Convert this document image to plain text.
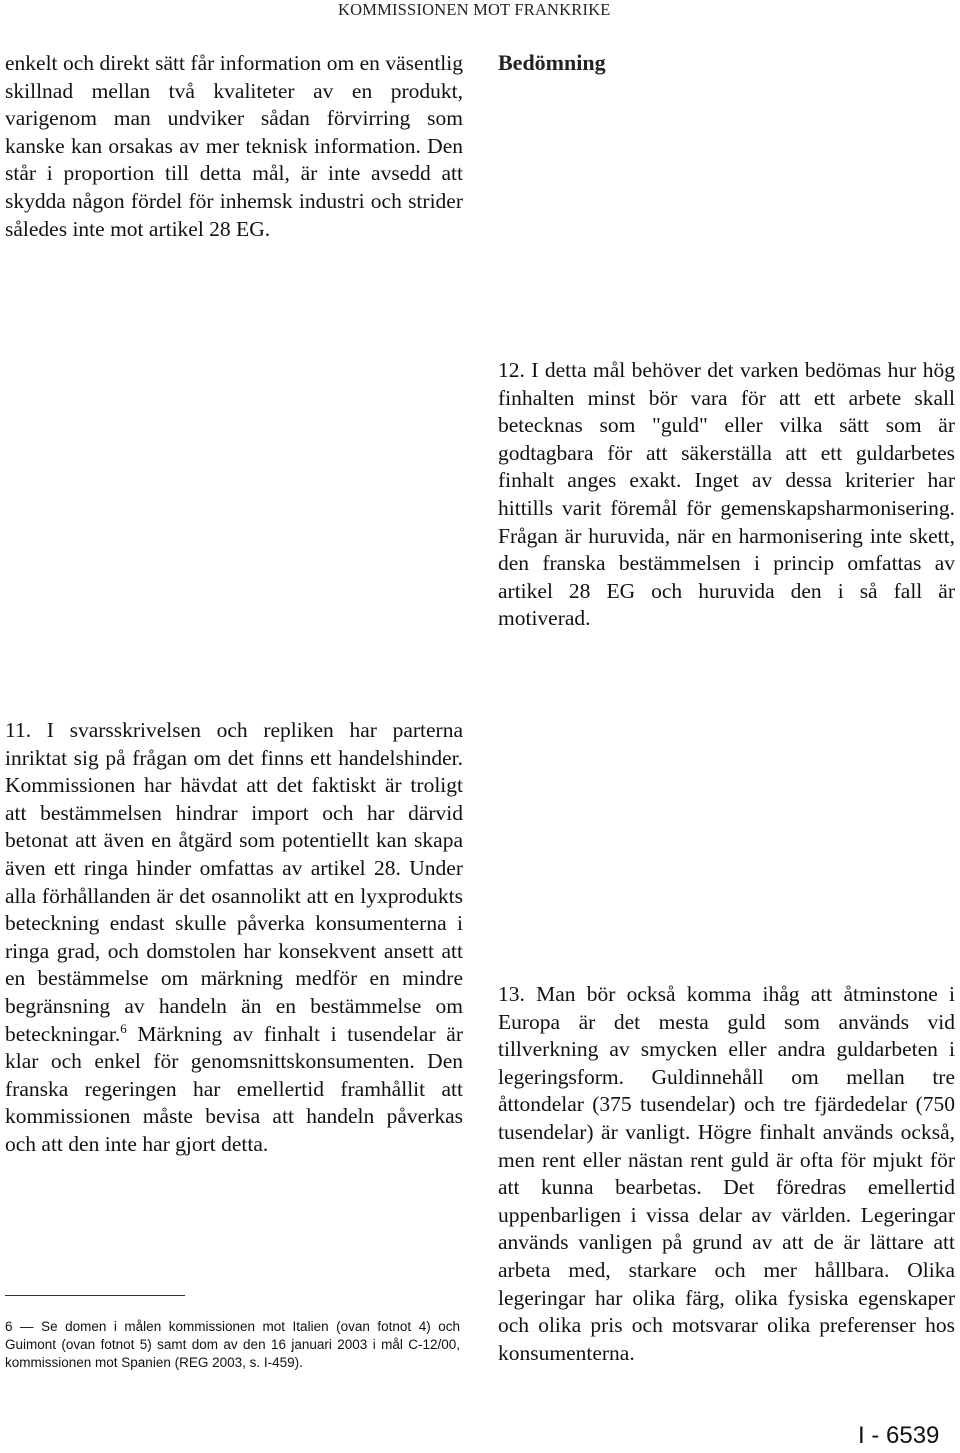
KOMMISSIONEN MOT FRANKRIKE

enkelt och direkt sätt får information om en väsentlig skillnad mellan två kvaliteter av en produkt, varigenom man undviker sådan förvirring som kanske kan orsakas av mer teknisk information. Den står i proportion till detta mål, är inte avsedd att skydda någon fördel för inhemsk industri och strider således inte mot artikel 28 EG.

Bedömning

12. I detta mål behöver det varken bedömas hur hög finhalten minst bör vara för att ett arbete skall betecknas som "guld" eller vilka sätt som är godtagbara för att säkerställa att ett guldarbetes finhalt anges exakt. Inget av dessa kriterier har hittills varit föremål för gemenskapsharmonisering. Frågan är huruvida, när en harmonisering inte skett, den franska bestämmelsen i princip omfattas av artikel 28 EG och huruvida den i så fall är motiverad.

11. I svarsskrivelsen och repliken har parterna inriktat sig på frågan om det finns ett handelshinder. Kommissionen har hävdat att det faktiskt är troligt att bestämmelsen hindrar import och har därvid betonat att även en åtgärd som potentiellt kan skapa även ett ringa hinder omfattas av artikel 28. Under alla förhållanden är det osannolikt att en lyxprodukts beteckning endast skulle påverka konsumenterna i ringa grad, och domstolen har konsekvent ansett att en bestämmelse om märkning medför en mindre begränsning av handeln än en bestämmelse om beteckningar.$^6$ Märkning av finhalt i tusendelar är klar och enkel för genomsnittskonsumenten. Den franska regeringen har emellertid framhållit att kommissionen måste bevisa att handeln påverkas och att den inte har gjort detta.

13. Man bör också komma ihåg att åtminstone i Europa är det mesta guld som används vid tillverkning av smycken eller andra guldarbeten i legeringsform. Guldinnehåll om mellan tre åttondelar (375 tusendelar) och tre fjärdedelar (750 tusendelar) är vanligt. Högre finhalt används också, men rent eller nästan rent guld är ofta för mjukt för att kunna bearbetas. Det föredras emellertid uppenbarligen i vissa delar av världen. Legeringar används vanligen på grund av att de är lättare att arbeta med, starkare och mer hållbara. Olika legeringar har olika färg, olika fysiska egenskaper och olika pris och motsvarar olika preferenser hos konsumenterna.

6 — Se domen i målen kommissionen mot Italien (ovan fotnot 4) och Guimont (ovan fotnot 5) samt dom av den 16 januari 2003 i mål C-12/00, kommissionen mot Spanien (REG 2003, s. I-459).
I - 6539
